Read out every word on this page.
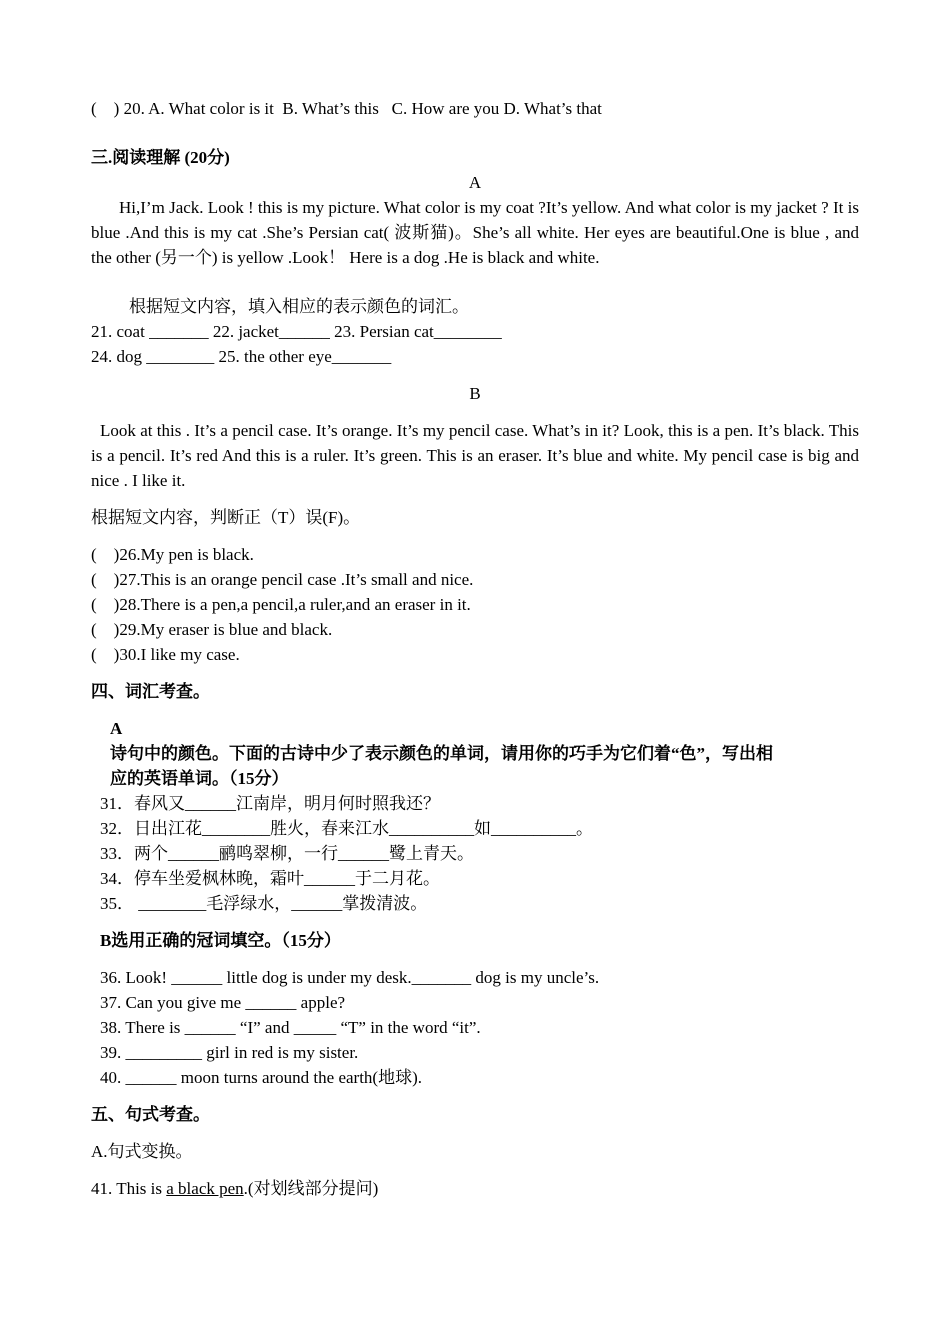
(    ) 20. A. What color is it  B. What’s this   C. How are you D. What’s that
三.阅读理解 (20分)
A
Hi,I’m Jack. Look ! this is my picture. What color is my coat ?It’s yellow. And what color is my jacket ? It is blue .And this is my cat .She’s Persian cat( 波斯猫)。She’s all white. Her eyes are beautiful.One is blue , and the other (另一个) is yellow .Look！ Here is a dog .He is black and white.
根据短文内容，填入相应的表示颜色的词汇。
21. coat _______ 22. jacket______ 23. Persian cat________
24. dog ________ 25. the other eye_______
B
Look at this . It’s a pencil case. It’s orange. It’s my pencil case. What’s in it? Look, this is a pen. It’s black. This is a pencil. It’s red And this is a ruler. It’s green. This is an eraser. It’s blue and white. My pencil case is big and nice . I like it.
根据短文内容，判断正（T）误(F)。
(    )26.My pen is black.
(    )27.This is an orange pencil case .It’s small and nice.
(    )28.There is a pen,a pencil,a ruler,and an eraser in it.
(    )29.My eraser is blue and black.
(    )30.I like my case.
四、词汇考查。
A
诗句中的颜色。下面的古诗中少了表示颜色的单词，请用你的巧手为它们着“色”，写出相
应的英语单词。（15分）
31．春风又______江南岸，明月何时照我还？
32．日出江花________胜火，春来江水__________如__________。
33．两个______鹂鸣翠柳，一行______鹭上青天。
34．停车坐爱枫林晚，霜叶______于二月花。
35． ________毛浮绿水，______掌拨清波。
B选用正确的冠词填空。（15分）
36. Look! ______ little dog is under my desk._______ dog is my uncle’s.
37. Can you give me ______ apple?
38. There is ______ “I” and _____ “T” in the word “it”.
39. _________ girl in red is my sister.
40. ______ moon turns around the earth(地球).
五、句式考查。
A.句式变换。
41. This is a black pen.(对划线部分提问)
